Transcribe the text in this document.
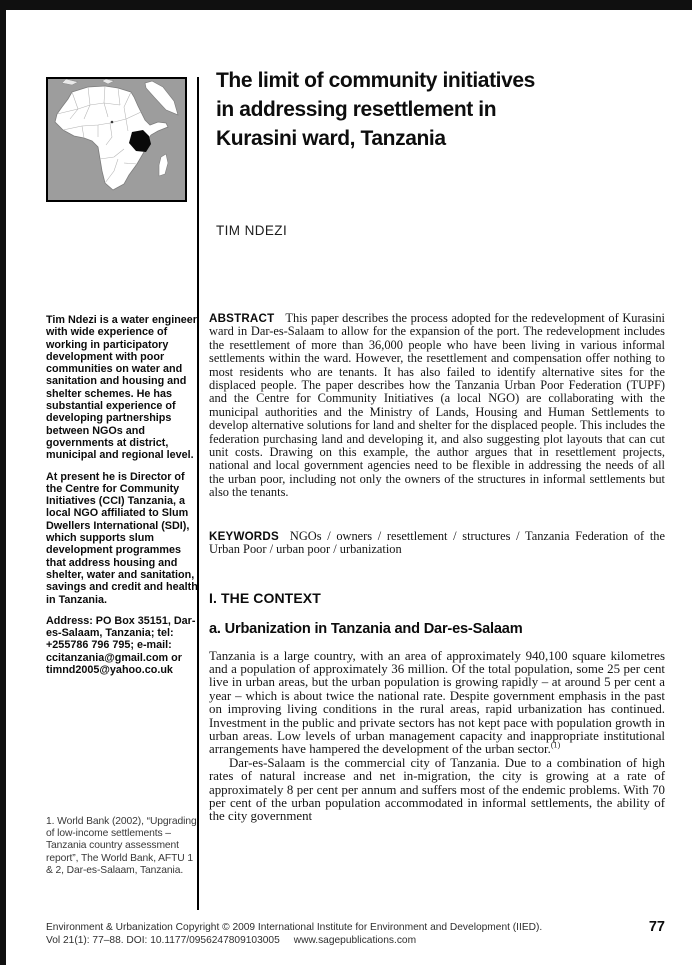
The limit of community initiatives
in addressing resettlement in
Kurasini ward, Tanzania
TIM NDEZI

Tim Ndezi is a water engineer with wide experience of working in participatory development with poor communities on water and sanitation and housing and shelter schemes. He has substantial experience of developing partnerships between NGOs and governments at district, municipal and regional level.

At present he is Director of the Centre for Community Initiatives (CCI) Tanzania, a local NGO affiliated to Slum Dwellers International (SDI), which supports slum development programmes that address housing and shelter, water and sanitation, savings and credit and health in Tanzania.

Address: PO Box 35151, Dar-es-Salaam, Tanzania; tel: +255786 796 795; e-mail: ccitanzania@gmail.com or timnd2005@yahoo.co.uk

1. World Bank (2002), “Upgrading of low-income settlements – Tanzania country assessment report”, The World Bank, AFTU 1 & 2, Dar-es-Salaam, Tanzania.

ABSTRACT This paper describes the process adopted for the redevelopment of Kurasini ward in Dar-es-Salaam to allow for the expansion of the port. The redevelopment includes the resettlement of more than 36,000 people who have been living in various informal settlements within the ward. However, the resettlement and compensation offer nothing to most residents who are tenants. It has also failed to identify alternative sites for the displaced people. The paper describes how the Tanzania Urban Poor Federation (TUPF) and the Centre for Community Initiatives (a local NGO) are collaborating with the municipal authorities and the Ministry of Lands, Housing and Human Settlements to develop alternative solutions for land and shelter for the displaced people. This includes the federation purchasing land and developing it, and also suggesting plot layouts that can cut unit costs. Drawing on this example, the author argues that in resettlement projects, national and local government agencies need to be flexible in addressing the needs of all the urban poor, including not only the owners of the structures in informal settlements but also the tenants.

KEYWORDS NGOs / owners / resettlement / structures / Tanzania Federation of the Urban Poor / urban poor / urbanization

I. THE CONTEXT
a. Urbanization in Tanzania and Dar-es-Salaam

Tanzania is a large country, with an area of approximately 940,100 square kilometres and a population of approximately 36 million. Of the total population, some 25 per cent live in urban areas, but the urban population is growing rapidly – at around 5 per cent a year – which is about twice the national rate. Despite government emphasis in the past on improving living conditions in the rural areas, rapid urbanization has continued. Investment in the public and private sectors has not kept pace with population growth in urban areas. Low levels of urban management capacity and inappropriate institutional arrangements have hampered the development of the urban sector.$^{(1)}$

Dar-es-Salaam is the commercial city of Tanzania. Due to a combination of high rates of natural increase and net in-migration, the city is growing at a rate of approximately 8 per cent per annum and suffers most of the endemic problems. With 70 per cent of the urban population accommodated in informal settlements, the ability of the city government

Environment & Urbanization Copyright © 2009 International Institute for Environment and Development (IIED).
Vol 21(1): 77–88. DOI: 10.1177/0956247809103005 www.sagepublications.com
77
